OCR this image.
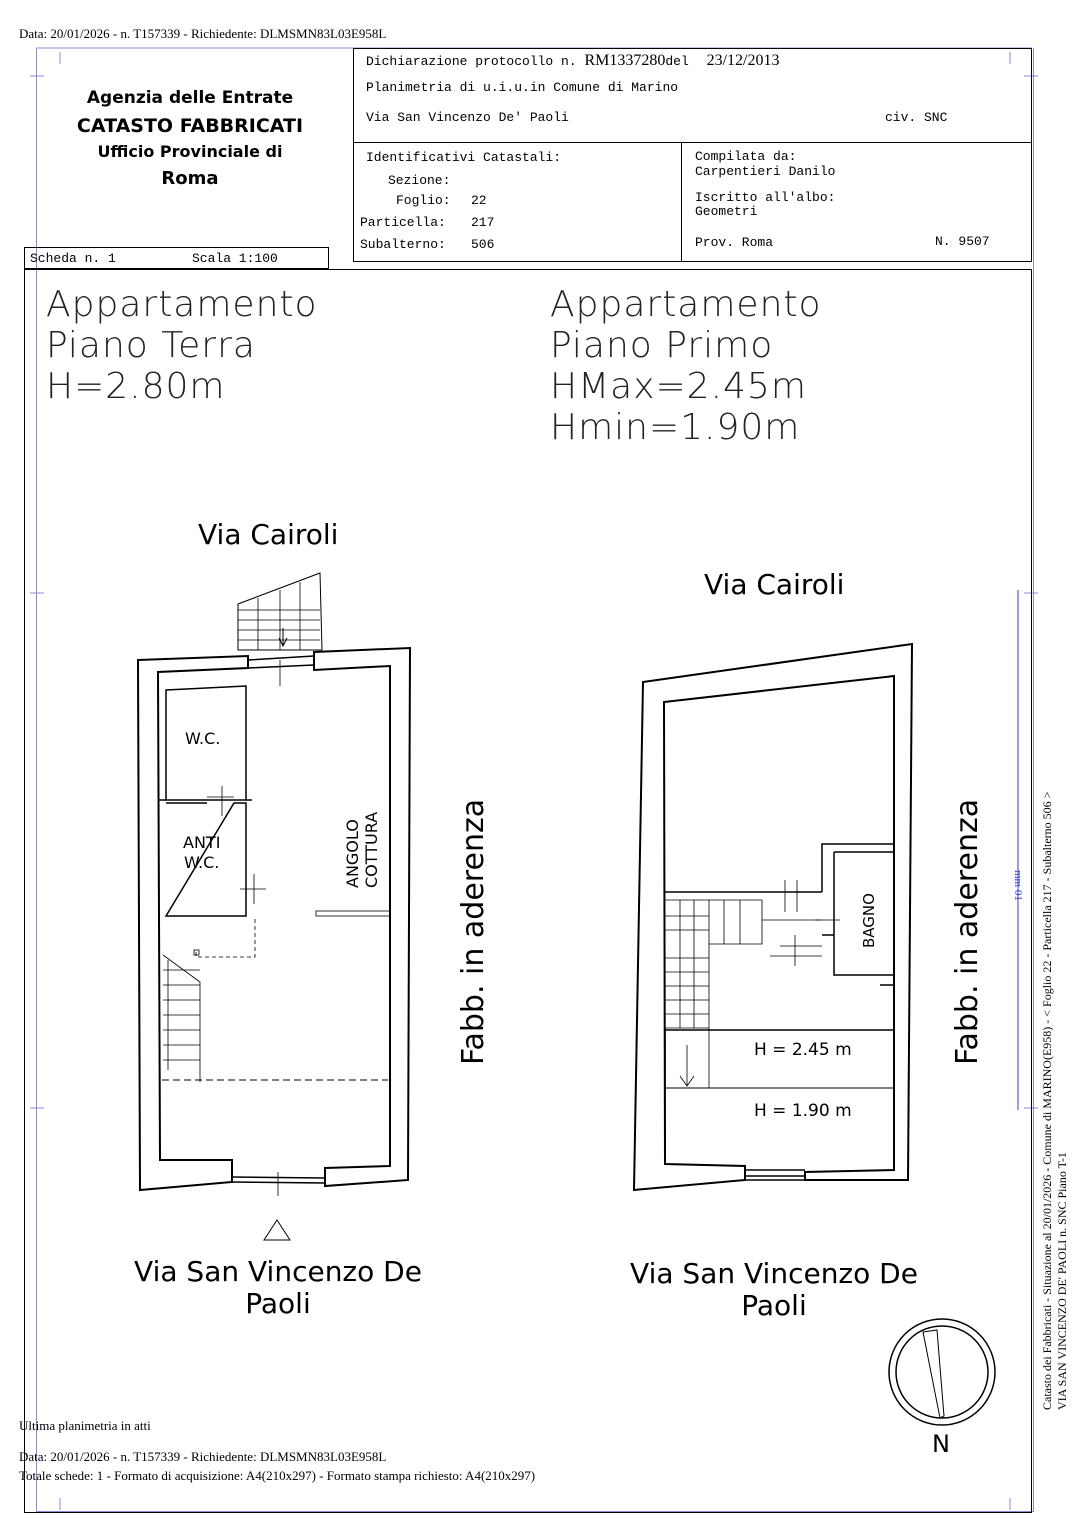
Data: 20/01/2026 - n. T157339 - Richiedente: DLMSMN83L03E958L
Agenzia delle Entrate
CATASTO FABBRICATI
Ufficio Provinciale di
Roma
Dichiarazione protocollo n. RM1337280del 23/12/2013
Planimetria di u.i.u.in Comune di Marino
Via San Vincenzo De' Paoli	civ. SNC
Identificativi Catastali:
Sezione:
Foglio: 22
Particella: 217
Subalterno: 506
Compilata da:
Carpentieri Danilo
Iscritto all'albo:
Geometri
Prov. Roma	N. 9507
Scheda n. 1	Scala 1:100
Appartamento
Piano Terra
H=2.80m
Appartamento
Piano Primo
HMax=2.45m
Hmin=1.90m
Via Cairoli
Via Cairoli
Via San Vincenzo De
Paoli
Via San Vincenzo De
Paoli
Fabb. in aderenza	Fabb. in aderenza
W.C.
ANTI
W.C.	ANGOLO COTTURA
BAGNO
H = 2.45 m
H = 1.90 m
N
Catasto dei Fabbricati - Situazione al 20/01/2026 - Comune di MARINO(E958) - < Foglio 22 - Particella 217 - Subalterno 506 > VIA SAN VINCENZO DE' PAOLI n. SNC Piano T-1
mm 01
Ultima planimetria in atti
Data: 20/01/2026 - n. T157339 - Richiedente: DLMSMN83L03E958L
Totale schede: 1 - Formato di acquisizione: A4(210x297) - Formato stampa richiesto: A4(210x297)
